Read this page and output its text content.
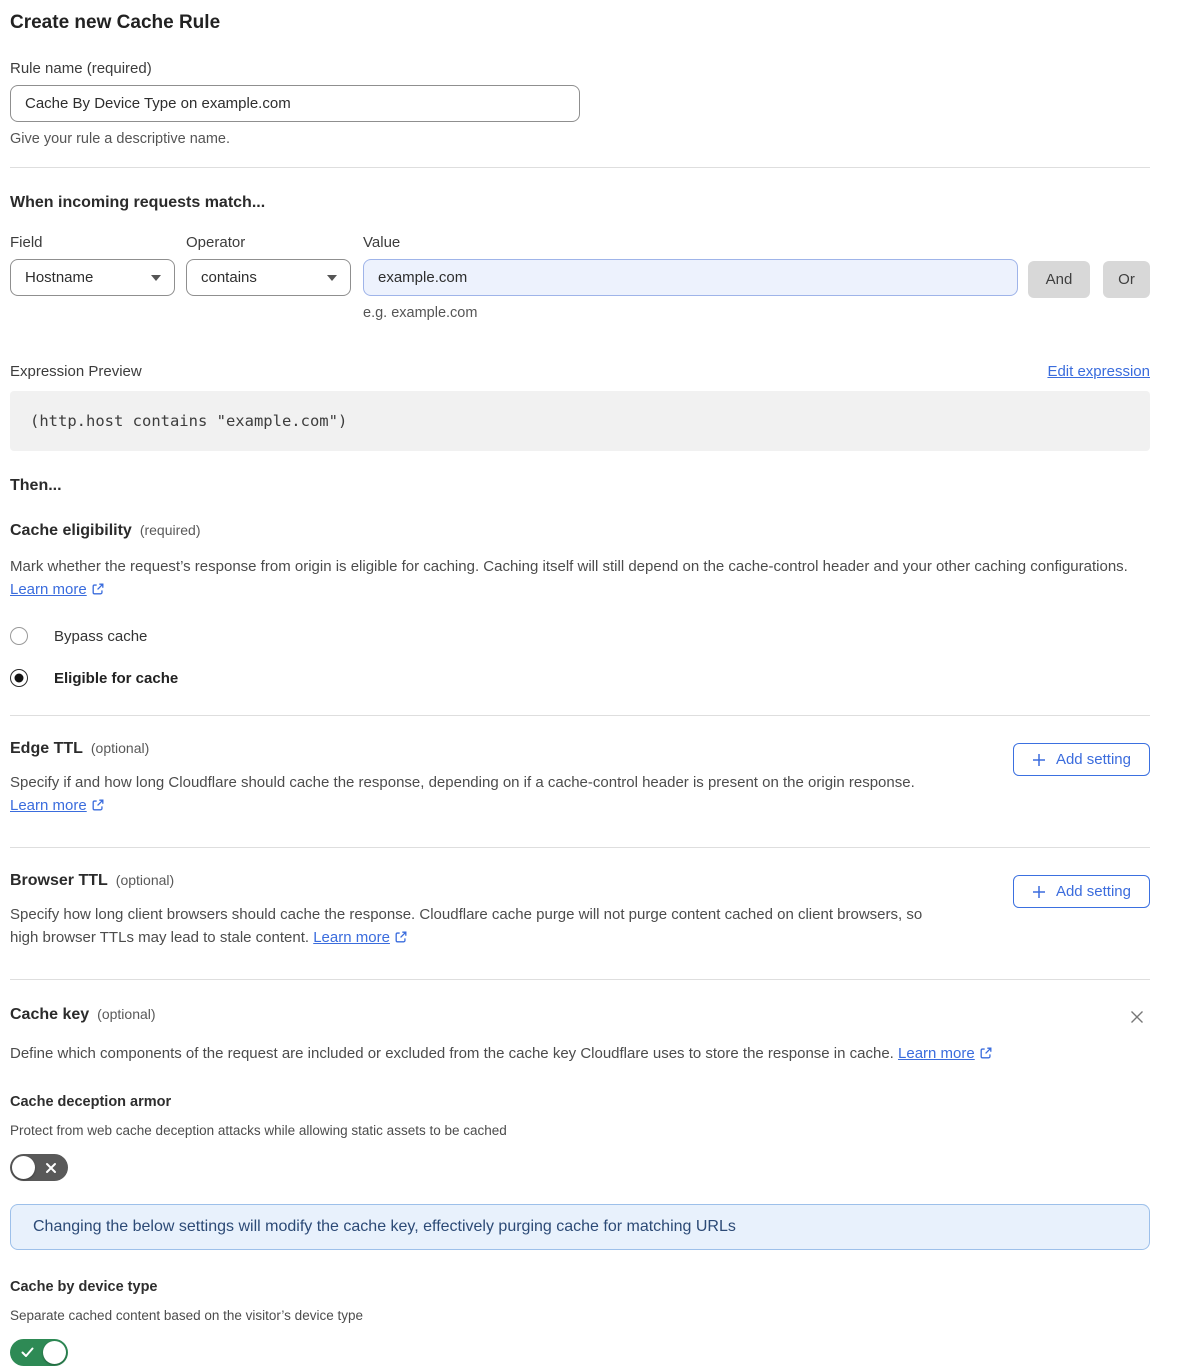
Create new Cache Rule
Rule name (required)
Cache By Device Type on example.com
Give your rule a descriptive name.
When incoming requests match...
Field
Hostname
Operator
contains
Value
example.com
e.g. example.com
And	Or
Expression Preview	Edit expression
(http.host contains "example.com")
Then...
Cache eligibility (required)

Mark whether the request’s response from origin is eligible for caching. Caching itself will still depend on the cache-control header and your other caching configurations. Learn more

Bypass cache
Eligible for cache
Edge TTL (optional)

Specify if and how long Cloudflare should cache the response, depending on if a cache-control header is present on the origin response. Learn more

Add setting
Browser TTL (optional)

Specify how long client browsers should cache the response. Cloudflare cache purge will not purge content cached on client browsers, so high browser TTLs may lead to stale content. Learn more

Add setting
Cache key (optional)

Define which components of the request are included or excluded from the cache key Cloudflare uses to store the response in cache. Learn more

Cache deception armor
Protect from web cache deception attacks while allowing static assets to be cached
Changing the below settings will modify the cache key, effectively purging cache for matching URLs
Cache by device type
Separate cached content based on the visitor’s device type
